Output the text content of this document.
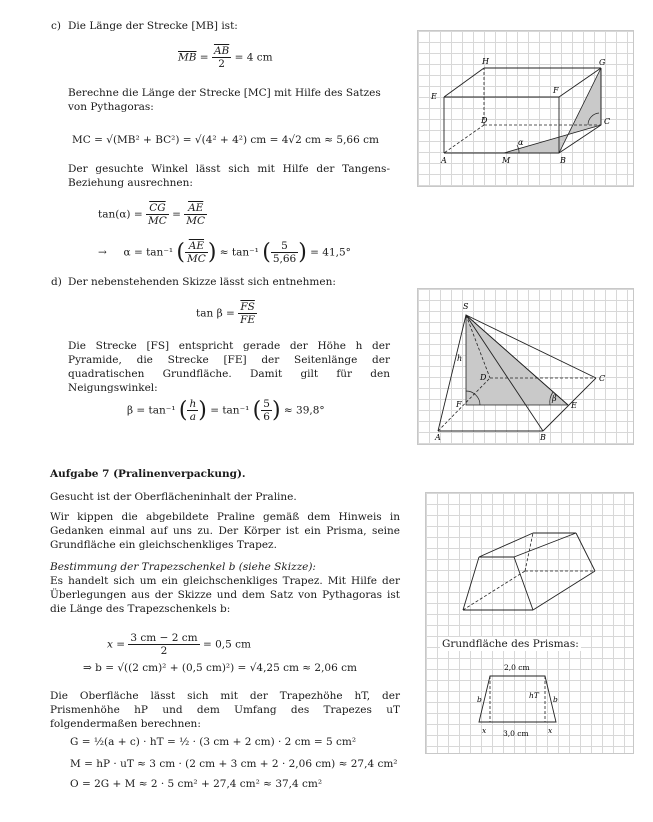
c) Die Länge der Strecke [MB] ist:
$\overline{MB} = \frac{\overline{AB}}{2} = 4$ cm
Berechne die Länge der Strecke [MC] mit Hilfe des Satzes von Pythagoras:
MC = √(MB² + BC²) = √(4² + 4²) cm = 4√2 cm ≈ 5,66 cm
Der gesuchte Winkel lässt sich mit Hilfe der Tangens-Beziehung ausrechnen:
$\tan(\alpha) = \frac{\overline{CG}}{MC} = \frac{\overline{AE}}{MC}$
→ α = tan⁻¹ ( $\frac{\overline{AE}}{MC}$ ) ≈ tan⁻¹ ( $\frac{5}{5,66}$ ) = 41,5°
H	G
E
F
D	C
A	M	B
α
d) Der nebenstehenden Skizze lässt sich entnehmen:
$\tan \beta = \frac{\overline{FS}}{FE}$
Die Strecke [FS] entspricht gerade der Höhe h der Pyramide, die Strecke [FE] der Seitenlänge der quadratischen Grundfläche. Damit gilt für den Neigungswinkel:
β = tan⁻¹ ( $\frac{h}{a}$ ) = tan⁻¹ ( $\frac{5}{6}$ ) ≈ 39,8°
S
h
D	C
F
β
E
A	B
Aufgabe 7 (Pralinenverpackung).
Gesucht ist der Oberflächeninhalt der Praline.
Wir kippen die abgebildete Praline gemäß dem Hinweis in Gedanken einmal auf uns zu. Der Körper ist ein Prisma, seine Grundfläche ein gleichschenkliges Trapez.
Bestimmung der Trapezschenkel b (siehe Skizze):
Es handelt sich um ein gleichschenkliges Trapez. Mit Hilfe der Überlegungen aus der Skizze und dem Satz von Pythagoras ist die Länge des Trapezschenkels b:
$x = \frac{3 cm - 2 cm}{2} = 0,5$ cm
⇒ b = √((2 cm)² + (0,5 cm)²) = √4,25 cm ≈ 2,06 cm
Die Oberfläche lässt sich mit der Trapezhöhe hT, der Prismenhöhe hP und dem Umfang des Trapezes uT folgendermaßen berechnen:
G = ½(a + c) · hT = ½ · (3 cm + 2 cm) · 2 cm = 5 cm²
M = hP · uT ≈ 3 cm · (2 cm + 3 cm + 2 · 2,06 cm) ≈ 27,4 cm²
O = 2G + M ≈ 2 · 5 cm² + 27,4 cm² ≈ 37,4 cm²
Grundfläche des Prismas:
2,0 cm
3,0 cm
b	b
hT
x	x
